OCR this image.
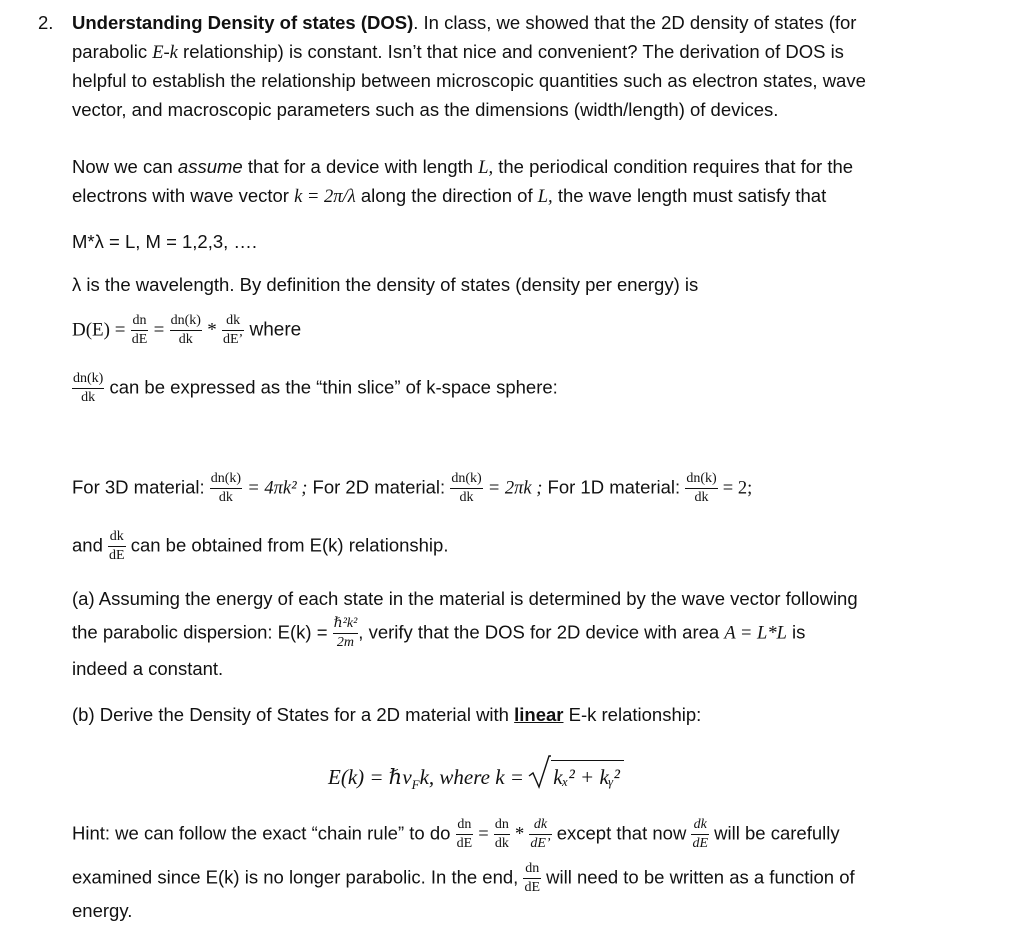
2. Understanding Density of states (DOS). In class, we showed that the 2D density of states (for
parabolic E-k relationship) is constant. Isn’t that nice and convenient? The derivation of DOS is
helpful to establish the relationship between microscopic quantities such as electron states, wave
vector, and macroscopic parameters such as the dimensions (width/length) of devices.
Now we can assume that for a device with length L, the periodical condition requires that for the
electrons with wave vector k = 2π/λ along the direction of L, the wave length must satisfy that
M*λ = L, M = 1,2,3, ….
λ is the wavelength. By definition the density of states (density per energy) is
$D(E) = \frac{dn}{dE} = \frac{dn(k)}{dk} * \frac{dk}{dE’}$ where
$\frac{dn(k)}{dk}$ can be expressed as the “thin slice” of k-space sphere:
For 3D material: $\frac{dn(k)}{dk} = 4\pi k^2$ ; For 2D material: $\frac{dn(k)}{dk} = 2\pi k$ ; For 1D material: $\frac{dn(k)}{dk} = 2$;
and $\frac{dk}{dE}$ can be obtained from E(k) relationship.
(a) Assuming the energy of each state in the material is determined by the wave vector following
the parabolic dispersion: $E(k) = \frac{\text{ℏ²k²}}{2m}$ , verify that the DOS for 2D device with area A = L*L is
indeed a constant.
(b) Derive the Density of States for a 2D material with linear E-k relationship:
E(k) = ℏv$_F$k, where k = kₓ² + kᵧ²
Hint: we can follow the exact “chain rule” to do $\frac{dn}{dE} = \frac{dn}{dk} * \frac{dk}{dE’}$ except that now $\frac{dk}{dE}$ will be carefully
examined since E(k) is no longer parabolic. In the end, $\frac{dn}{dE}$ will need to be written as a function of
energy.
